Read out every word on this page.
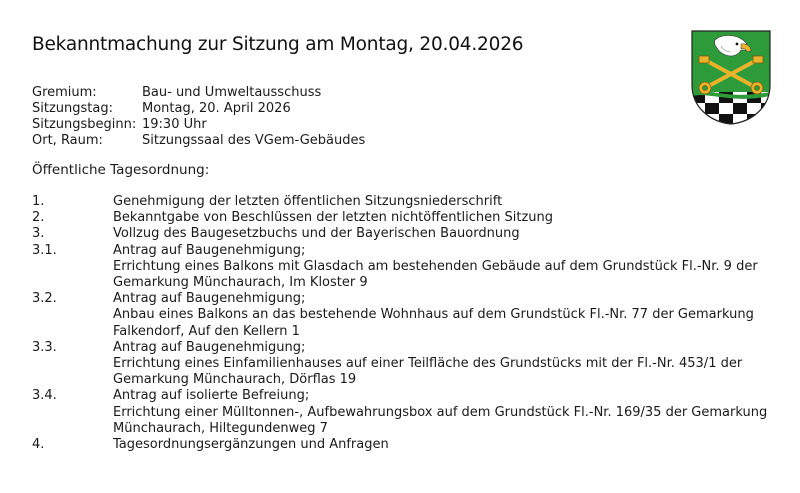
Bekanntmachung zur Sitzung am Montag, 20.04.2026
Gremium:	Bau- und Umweltausschuss
Sitzungstag:	Montag, 20. April 2026
Sitzungsbeginn: 19:30 Uhr
Ort, Raum:	Sitzungssaal des VGem-Gebäudes
Öffentliche Tagesordnung:
1.	Genehmigung der letzten öffentlichen Sitzungsniederschrift
2.	Bekanntgabe von Beschlüssen der letzten nichtöffentlichen Sitzung
3.	Vollzug des Baugesetzbuchs und der Bayerischen Bauordnung
3.1.	Antrag auf Baugenehmigung;
Errichtung eines Balkons mit Glasdach am bestehenden Gebäude auf dem Grundstück Fl.-Nr. 9 der
Gemarkung Münchaurach, Im Kloster 9
3.2.	Antrag auf Baugenehmigung;
Anbau eines Balkons an das bestehende Wohnhaus auf dem Grundstück Fl.-Nr. 77 der Gemarkung
Falkendorf, Auf den Kellern 1
3.3.	Antrag auf Baugenehmigung;
Errichtung eines Einfamilienhauses auf einer Teilfläche des Grundstücks mit der Fl.-Nr. 453/1 der
Gemarkung Münchaurach, Dörflas 19
3.4.	Antrag auf isolierte Befreiung;
Errichtung einer Mülltonnen-, Aufbewahrungsbox auf dem Grundstück Fl.-Nr. 169/35 der Gemarkung
Münchaurach, Hiltegundenweg 7
4.	Tagesordnungsergänzungen und Anfragen
